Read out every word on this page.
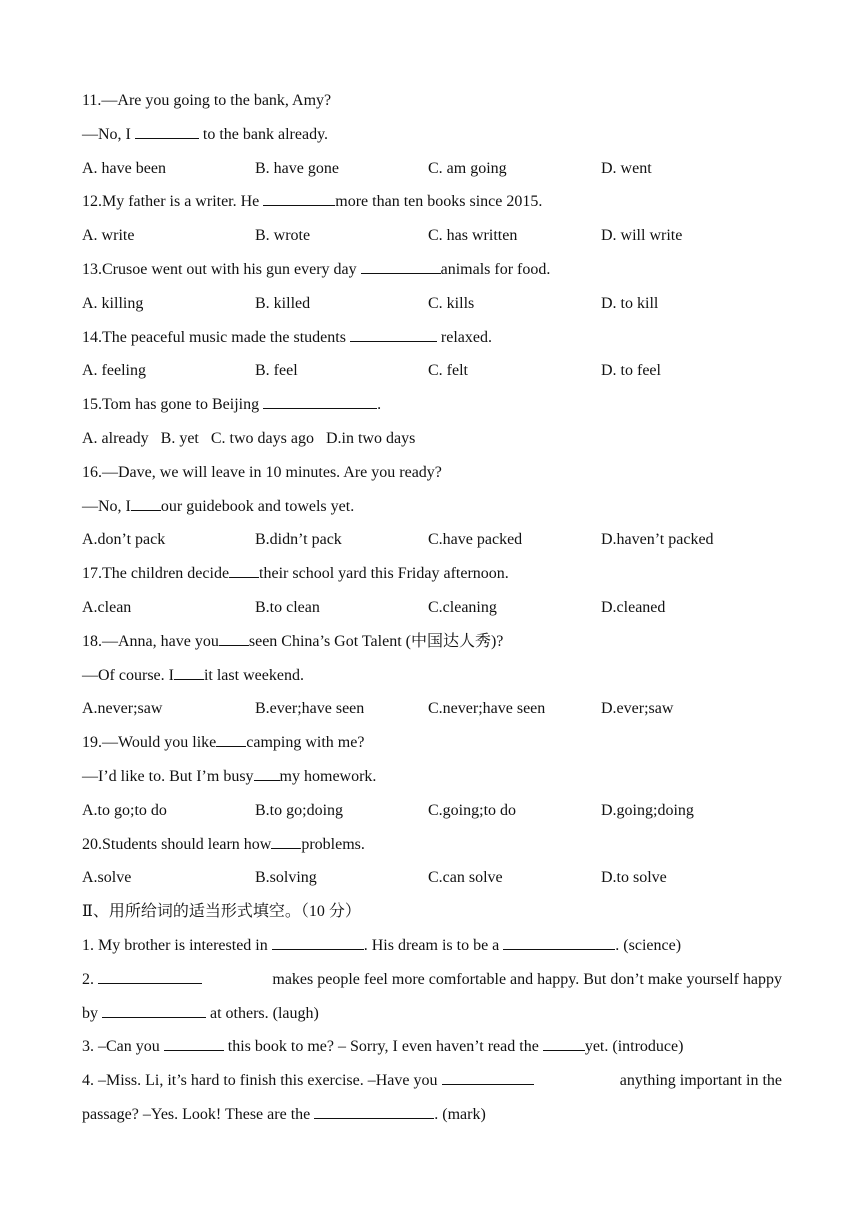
11.—Are you going to the bank, Amy?
—No, I	to the bank already.
A. have been	B. have gone	C. am going	D. went
12.My father is a writer. He	more than ten books since 2015.
A. write	B. wrote	C. has written	D. will write
13.Crusoe went out with his gun every day	animals for food.
A. killing	B. killed	C. kills	D. to kill
14.The peaceful music made the students	relaxed.
A. feeling	B. feel	C. felt	D. to feel
15.Tom has gone to Beijing	.
A. already B. yet C. two days ago D.in two days
16.—Dave, we will leave in 10 minutes. Are you ready?
—No, I our guidebook and towels yet.
A.don’t pack	B.didn’t pack	C.have packed	D.haven’t packed
17.The children decide their school yard this Friday afternoon.
A.clean	B.to clean	C.cleaning	D.cleaned
18.—Anna, have you seen China’s Got Talent (中国达人秀)?
—Of course. I it last weekend.
A.never;saw	B.ever;have seen	C.never;have seen	D.ever;saw
19.—Would you like camping with me?
—I’d like to. But I’m busy my homework.
A.to go;to do	B.to go;doing	C.going;to do	D.going;doing
20.Students should learn how problems.
A.solve	B.solving	C.can solve	D.to solve
Ⅱ、用所给词的适当形式填空。（10 分）
1. My brother is interested in	. His dream is to be a	. (science)
2.	makes people feel more comfortable and happy. But don’t make yourself happy
by	at others. (laugh)
3. –Can you	this book to me? – Sorry, I even haven’t read the	yet. (introduce)
4. –Miss. Li, it’s hard to finish this exercise. –Have you	anything important in the
passage? –Yes. Look! These are the	. (mark)
